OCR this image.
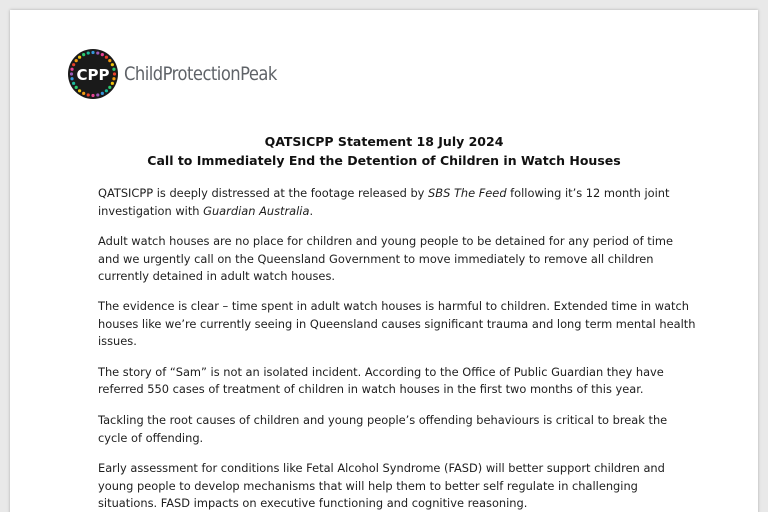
CPP ChildProtectionPeak
QATSICPP Statement 18 July 2024
Call to Immediately End the Detention of Children in Watch Houses

QATSICPP is deeply distressed at the footage released by SBS The Feed following it’s 12 month joint investigation with Guardian Australia.

Adult watch houses are no place for children and young people to be detained for any period of time and we urgently call on the Queensland Government to move immediately to remove all children currently detained in adult watch houses.

The evidence is clear – time spent in adult watch houses is harmful to children. Extended time in watch houses like we’re currently seeing in Queensland causes significant trauma and long term mental health issues.

The story of “Sam” is not an isolated incident. According to the Office of Public Guardian they have referred 550 cases of treatment of children in watch houses in the first two months of this year.

Tackling the root causes of children and young people’s offending behaviours is critical to break the cycle of offending.

Early assessment for conditions like Fetal Alcohol Syndrome (FASD) will better support children and young people to develop mechanisms that will help them to better self regulate in challenging situations. FASD impacts on executive functioning and cognitive reasoning.
